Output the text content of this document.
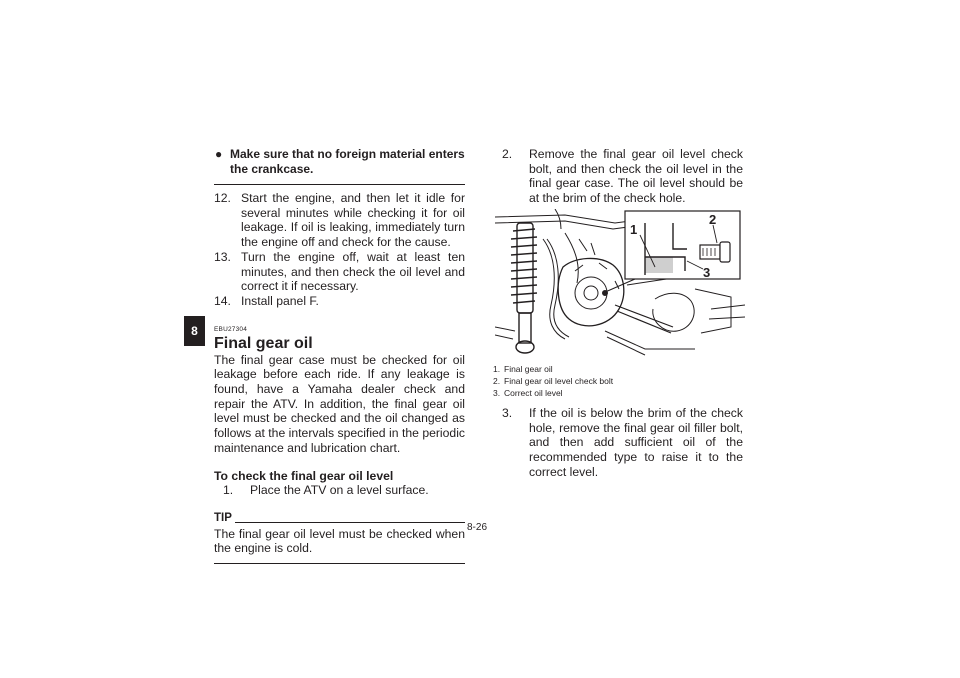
8
● Make sure that no foreign material enters the crankcase.
12. Start the engine, and then let it idle for several minutes while checking it for oil leakage. If oil is leaking, immediately turn the engine off and check for the cause.
13. Turn the engine off, wait at least ten minutes, and then check the oil level and correct it if necessary.
14. Install panel F.
EBU27304
Final gear oil
The final gear case must be checked for oil leakage before each ride. If any leakage is found, have a Yamaha dealer check and repair the ATV. In addition, the final gear oil level must be checked and the oil changed as follows at the intervals specified in the periodic maintenance and lubrication chart.
To check the final gear oil level
1. Place the ATV on a level surface.
TIP
The final gear oil level must be checked when the engine is cold.
2. Remove the final gear oil level check bolt, and then check the oil level in the final gear case. The oil level should be at the brim of the check hole.
1
2
3
1. Final gear oil
2. Final gear oil level check bolt
3. Correct oil level
3. If the oil is below the brim of the check hole, remove the final gear oil filler bolt, and then add sufficient oil of the recommended type to raise it to the correct level.
8-26
